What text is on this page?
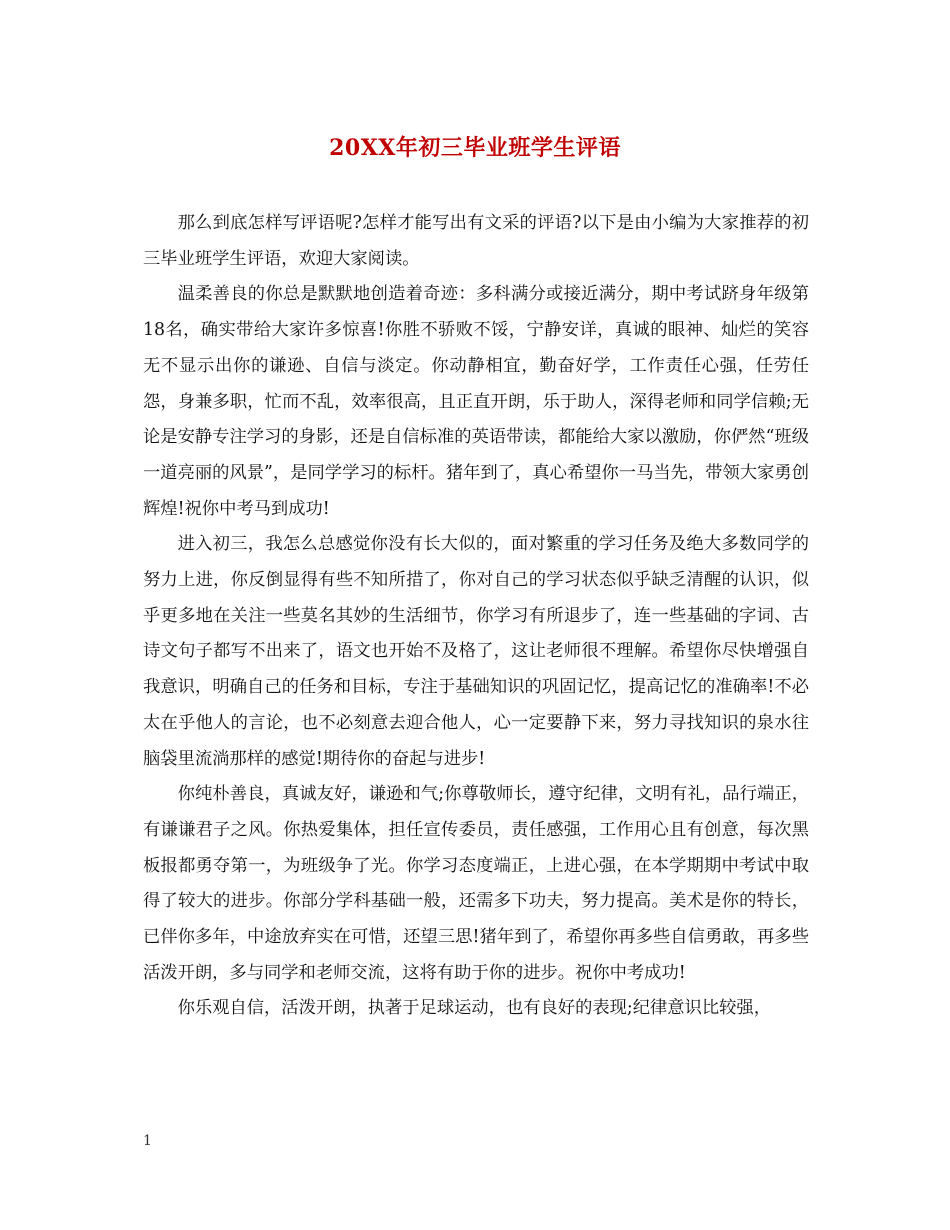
20XX年初三毕业班学生评语

那么到底怎样写评语呢?怎样才能写出有文采的评语?以下是由小编为大家推荐的初三毕业班学生评语，欢迎大家阅读。

温柔善良的你总是默默地创造着奇迹：多科满分或接近满分，期中考试跻身年级第18名，确实带给大家许多惊喜!你胜不骄败不馁，宁静安详，真诚的眼神、灿烂的笑容无不显示出你的谦逊、自信与淡定。你动静相宜，勤奋好学，工作责任心强，任劳任怨，身兼多职，忙而不乱，效率很高，且正直开朗，乐于助人，深得老师和同学信赖;无论是安静专注学习的身影，还是自信标准的英语带读，都能给大家以激励，你俨然“班级一道亮丽的风景”，是同学学习的标杆。猪年到了，真心希望你一马当先，带领大家勇创辉煌!祝你中考马到成功!

进入初三，我怎么总感觉你没有长大似的，面对繁重的学习任务及绝大多数同学的努力上进，你反倒显得有些不知所措了，你对自己的学习状态似乎缺乏清醒的认识，似乎更多地在关注一些莫名其妙的生活细节，你学习有所退步了，连一些基础的字词、古诗文句子都写不出来了，语文也开始不及格了，这让老师很不理解。希望你尽快增强自我意识，明确自己的任务和目标，专注于基础知识的巩固记忆，提高记忆的准确率!不必太在乎他人的言论，也不必刻意去迎合他人，心一定要静下来，努力寻找知识的泉水往脑袋里流淌那样的感觉!期待你的奋起与进步!

你纯朴善良，真诚友好，谦逊和气;你尊敬师长，遵守纪律，文明有礼，品行端正，有谦谦君子之风。你热爱集体，担任宣传委员，责任感强，工作用心且有创意，每次黑板报都勇夺第一，为班级争了光。你学习态度端正，上进心强，在本学期期中考试中取得了较大的进步。你部分学科基础一般，还需多下功夫，努力提高。美术是你的特长，已伴你多年，中途放弃实在可惜，还望三思!猪年到了，希望你再多些自信勇敢，再多些活泼开朗，多与同学和老师交流，这将有助于你的进步。祝你中考成功!

你乐观自信，活泼开朗，执著于足球运动，也有良好的表现;纪律意识比较强，

1
